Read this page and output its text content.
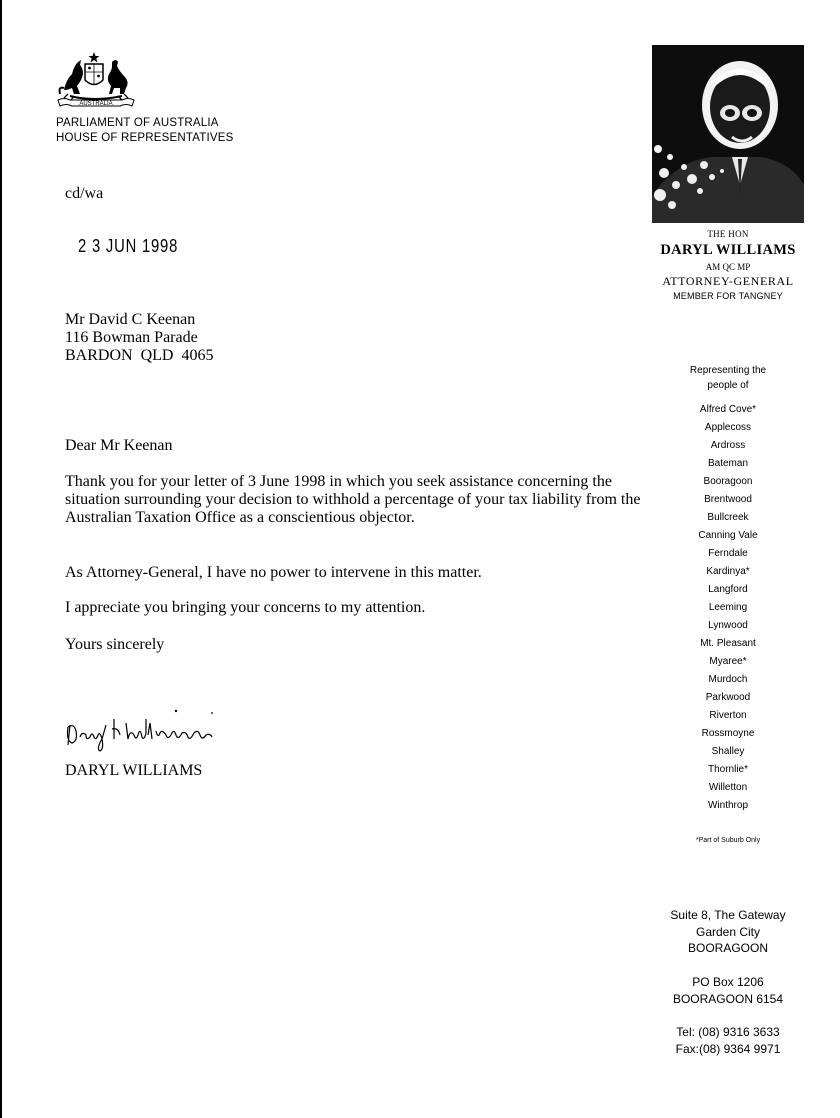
AUSTRALIA
PARLIAMENT OF AUSTRALIA
HOUSE OF REPRESENTATIVES
THE HON
DARYL WILLIAMS
AM QC MP
ATTORNEY-GENERAL
MEMBER FOR TANGNEY
Representing the
people of
Alfred Cove*
Applecoss
Ardross
Bateman
Booragoon
Brentwood
Bullcreek
Canning Vale
Ferndale
Kardinya*
Langford
Leeming
Lynwood
Mt. Pleasant
Myaree*
Murdoch
Parkwood
Riverton
Rossmoyne
Shalley
Thornlie*
Willetton
Winthrop
*Part of Suburb Only
Suite 8, The Gateway
Garden City
BOORAGOON
PO Box 1206
BOORAGOON 6154
Tel: (08) 9316 3633
Fax:(08) 9364 9971
cd/wa
2 3 JUN 1998
Mr David C Keenan
116 Bowman Parade
BARDON  QLD  4065
Dear Mr Keenan
Thank you for your letter of 3 June 1998 in which you seek assistance concerning the situation surrounding your decision to withhold a percentage of your tax liability from the Australian Taxation Office as a conscientious objector.
As Attorney-General, I have no power to intervene in this matter.
I appreciate you bringing your concerns to my attention.
Yours sincerely
DARYL WILLIAMS
